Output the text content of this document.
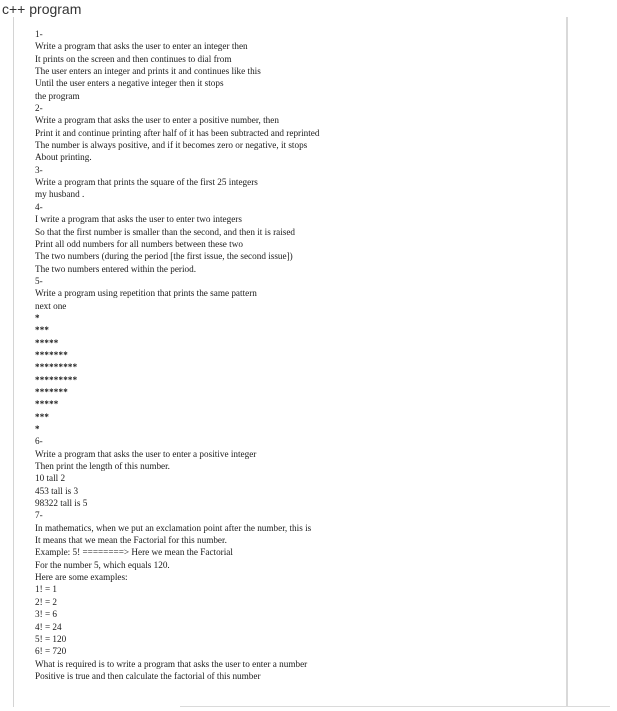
c++ program

1-

Write a program that asks the user to enter an integer then

It prints on the screen and then continues to dial from

The user enters an integer and prints it and continues like this

Until the user enters a negative integer then it stops

the program

2-

Write a program that asks the user to enter a positive number, then

Print it and continue printing after half of it has been subtracted and reprinted

The number is always positive, and if it becomes zero or negative, it stops

About printing.

3-

Write a program that prints the square of the first 25 integers

my husband .

4-

I write a program that asks the user to enter two integers

So that the first number is smaller than the second, and then it is raised

Print all odd numbers for all numbers between these two

The two numbers (during the period [the first issue, the second issue])

The two numbers entered within the period.

5-

Write a program using repetition that prints the same pattern

next one

*

***

*****

*******

*********

*********

*******

*****

***

*

6-

Write a program that asks the user to enter a positive integer

Then print the length of this number.

10 tall 2

453 tall is 3

98322 tall is 5

7-

In mathematics, when we put an exclamation point after the number, this is

It means that we mean the Factorial for this number.

Example: 5! ========> Here we mean the Factorial

For the number 5, which equals 120.

Here are some examples:

1! = 1

2! = 2

3! = 6

4! = 24

5! = 120

6! = 720

What is required is to write a program that asks the user to enter a number

Positive is true and then calculate the factorial of this number
